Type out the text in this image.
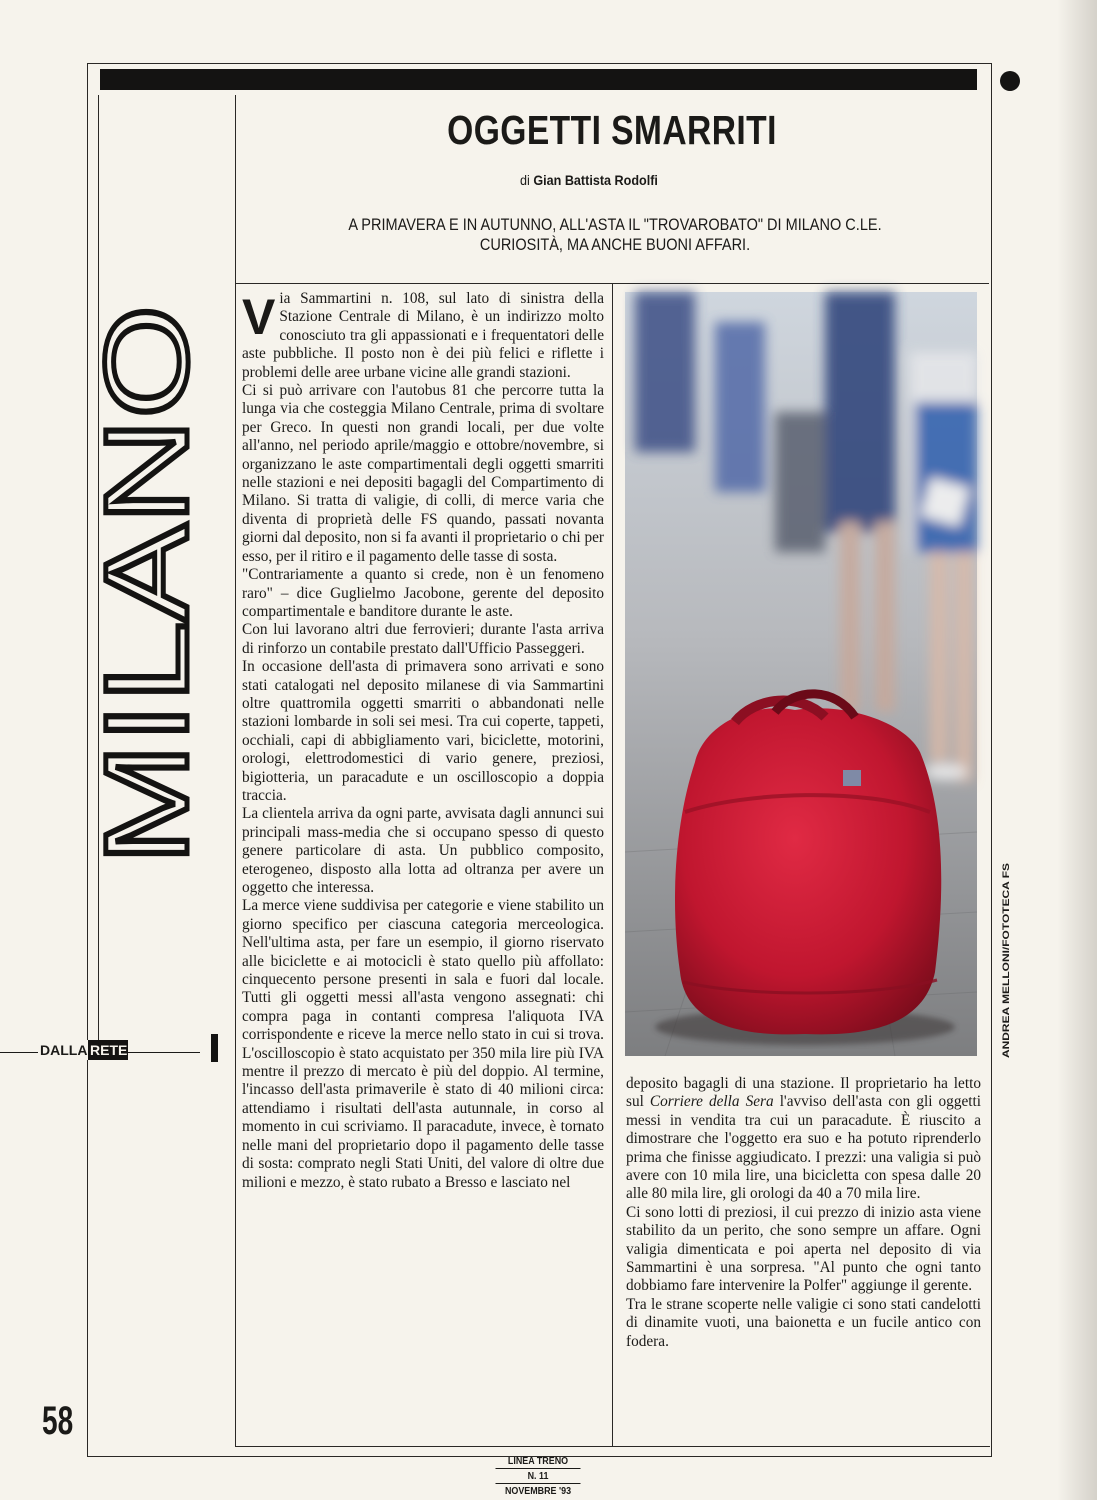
OGGETTI SMARRITI
di Gian Battista Rodolfi
A PRIMAVERA E IN AUTUNNO, ALL'ASTA IL "TROVAROBATO" DI MILANO C.LE.
CURIOSITÀ, MA ANCHE BUONI AFFARI.
MILANO
DALLA RETE
58

Via Sammartini n. 108, sul lato di sinistra della Stazione Centrale di Milano, è un indirizzo molto conosciuto tra gli appassionati e i frequentatori delle aste pubbliche. Il posto non è dei più felici e riflette i problemi delle aree urbane vicine alle grandi stazioni.

Ci si può arrivare con l'autobus 81 che percorre tutta la lunga via che costeggia Milano Centrale, prima di svoltare per Greco. In questi non grandi locali, per due volte all'anno, nel periodo aprile/maggio e ottobre/novembre, si organizzano le aste compartimentali degli oggetti smarriti nelle stazioni e nei depositi bagagli del Compartimento di Milano. Si tratta di valigie, di colli, di merce varia che diventa di proprietà delle FS quando, passati novanta giorni dal deposito, non si fa avanti il proprietario o chi per esso, per il ritiro e il pagamento delle tasse di sosta.

"Contrariamente a quanto si crede, non è un fenomeno raro" – dice Guglielmo Jacobone, gerente del deposito compartimentale e banditore durante le aste.

Con lui lavorano altri due ferrovieri; durante l'asta arriva di rinforzo un contabile prestato dall'Ufficio Passeggeri.

In occasione dell'asta di primavera sono arrivati e sono stati catalogati nel deposito milanese di via Sammartini oltre quattromila oggetti smarriti o abbandonati nelle stazioni lombarde in soli sei mesi. Tra cui coperte, tappeti, occhiali, capi di abbigliamento vari, biciclette, motorini, orologi, elettrodomestici di vario genere, preziosi, bigiotteria, un paracadute e un oscilloscopio a doppia traccia.

La clientela arriva da ogni parte, avvisata dagli annunci sui principali mass-media che si occupano spesso di questo genere particolare di asta. Un pubblico composito, eterogeneo, disposto alla lotta ad oltranza per avere un oggetto che interessa.

La merce viene suddivisa per categorie e viene stabilito un giorno specifico per ciascuna categoria merceologica. Nell'ultima asta, per fare un esempio, il giorno riservato alle biciclette e ai motocicli è stato quello più affollato: cinquecento persone presenti in sala e fuori dal locale. Tutti gli oggetti messi all'asta vengono assegnati: chi compra paga in contanti compresa l'aliquota IVA corrispondente e riceve la merce nello stato in cui si trova. L'oscilloscopio è stato acquistato per 350 mila lire più IVA mentre il prezzo di mercato è più del doppio. Al termine, l'incasso dell'asta primaverile è stato di 40 milioni circa: attendiamo i risultati dell'asta autunnale, in corso al momento in cui scriviamo. Il paracadute, invece, è tornato nelle mani del proprietario dopo il pagamento delle tasse di sosta: comprato negli Stati Uniti, del valore di oltre due milioni e mezzo, è stato rubato a Bresso e lasciato nel

ANDREA MELLONI/FOTOTECA FS

deposito bagagli di una stazione. Il proprietario ha letto sul Corriere della Sera l'avviso dell'asta con gli oggetti messi in vendita tra cui un paracadute. È riuscito a dimostrare che l'oggetto era suo e ha potuto riprenderlo prima che finisse aggiudicato. I prezzi: una valigia si può avere con 10 mila lire, una bicicletta con spesa dalle 20 alle 80 mila lire, gli orologi da 40 a 70 mila lire.

Ci sono lotti di preziosi, il cui prezzo di inizio asta viene stabilito da un perito, che sono sempre un affare. Ogni valigia dimenticata e poi aperta nel deposito di via Sammartini è una sorpresa. "Al punto che ogni tanto dobbiamo fare intervenire la Polfer" aggiunge il gerente.

Tra le strane scoperte nelle valigie ci sono stati candelotti di dinamite vuoti, una baionetta e un fucile antico con fodera.

LINEA TRENO
N. 11
NOVEMBRE '93
